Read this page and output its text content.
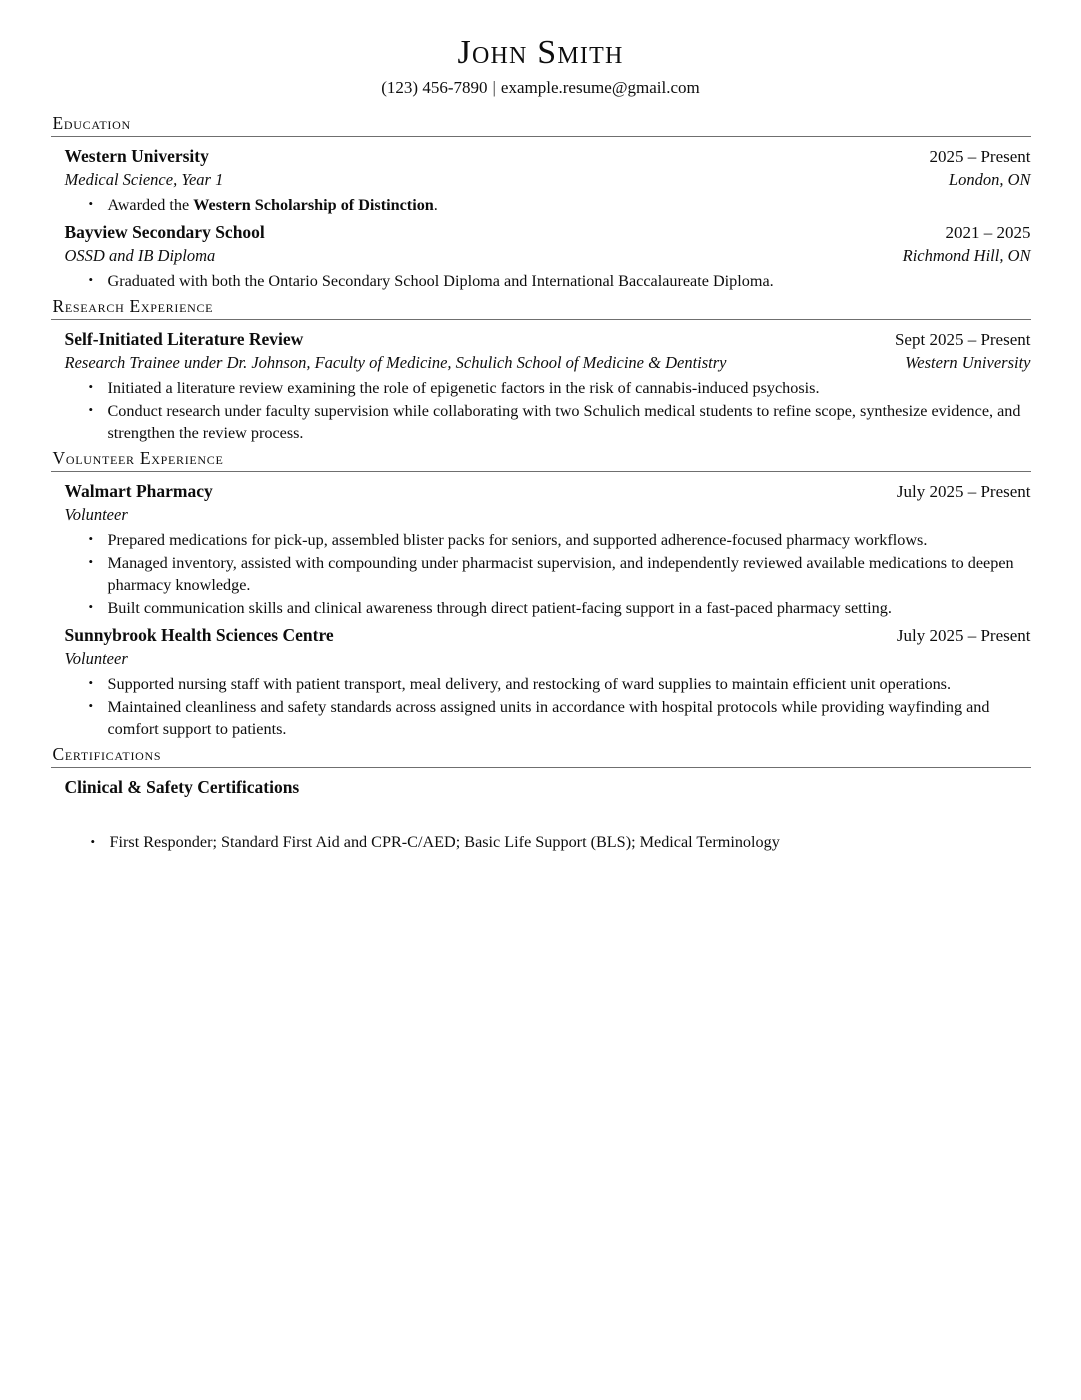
John Smith
(123) 456-7890 | example.resume@gmail.com
Education
Western University	2025 – Present
Medical Science, Year 1	London, ON
• Awarded the Western Scholarship of Distinction.
Bayview Secondary School	2021 – 2025
OSSD and IB Diploma	Richmond Hill, ON
• Graduated with both the Ontario Secondary School Diploma and International Baccalaureate Diploma.
Research Experience
Self-Initiated Literature Review	Sept 2025 – Present
Research Trainee under Dr. Johnson, Faculty of Medicine, Schulich School of Medicine & Dentistry	Western University
• Initiated a literature review examining the role of epigenetic factors in the risk of cannabis-induced psychosis.
• Conduct research under faculty supervision while collaborating with two Schulich medical students to refine scope, synthesize evidence, and strengthen the review process.
Volunteer Experience
Walmart Pharmacy	July 2025 – Present
Volunteer
• Prepared medications for pick-up, assembled blister packs for seniors, and supported adherence-focused pharmacy workflows.
• Managed inventory, assisted with compounding under pharmacist supervision, and independently reviewed available medications to deepen pharmacy knowledge.
• Built communication skills and clinical awareness through direct patient-facing support in a fast-paced pharmacy setting.
Sunnybrook Health Sciences Centre	July 2025 – Present
Volunteer
• Supported nursing staff with patient transport, meal delivery, and restocking of ward supplies to maintain efficient unit operations.
• Maintained cleanliness and safety standards across assigned units in accordance with hospital protocols while providing wayfinding and comfort support to patients.
Certifications
Clinical & Safety Certifications
• First Responder; Standard First Aid and CPR-C/AED; Basic Life Support (BLS); Medical Terminology
